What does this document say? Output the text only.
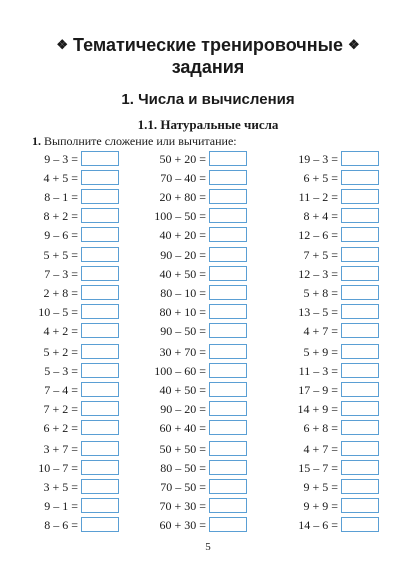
❖ Тематические тренировочные ❖
задания
1. Числа и вычисления
1.1. Натуральные числа
1. Выполните сложение или вычитание:
9 – 3 =
4 + 5 =
8 – 1 =
8 + 2 =
9 – 6 =
50 + 20 =
70 – 40 =
20 + 80 =
100 – 50 =
40 + 20 =
19 – 3 =
6 + 5 =
11 – 2 =
8 + 4 =
12 – 6 =
5 + 5 =
7 – 3 =
2 + 8 =
10 – 5 =
4 + 2 =
90 – 20 =
40 + 50 =
80 – 10 =
80 + 10 =
90 – 50 =
7 + 5 =
12 – 3 =
5 + 8 =
13 – 5 =
4 + 7 =
5 + 2 =
5 – 3 =
7 – 4 =
7 + 2 =
6 + 2 =
30 + 70 =
100 – 60 =
40 + 50 =
90 – 20 =
60 + 40 =
5 + 9 =
11 – 3 =
17 – 9 =
14 + 9 =
6 + 8 =
3 + 7 =
10 – 7 =
3 + 5 =
9 – 1 =
8 – 6 =
50 + 50 =
80 – 50 =
70 – 50 =
70 + 30 =
60 + 30 =
4 + 7 =
15 – 7 =
9 + 5 =
9 + 9 =
14 – 6 =
5
